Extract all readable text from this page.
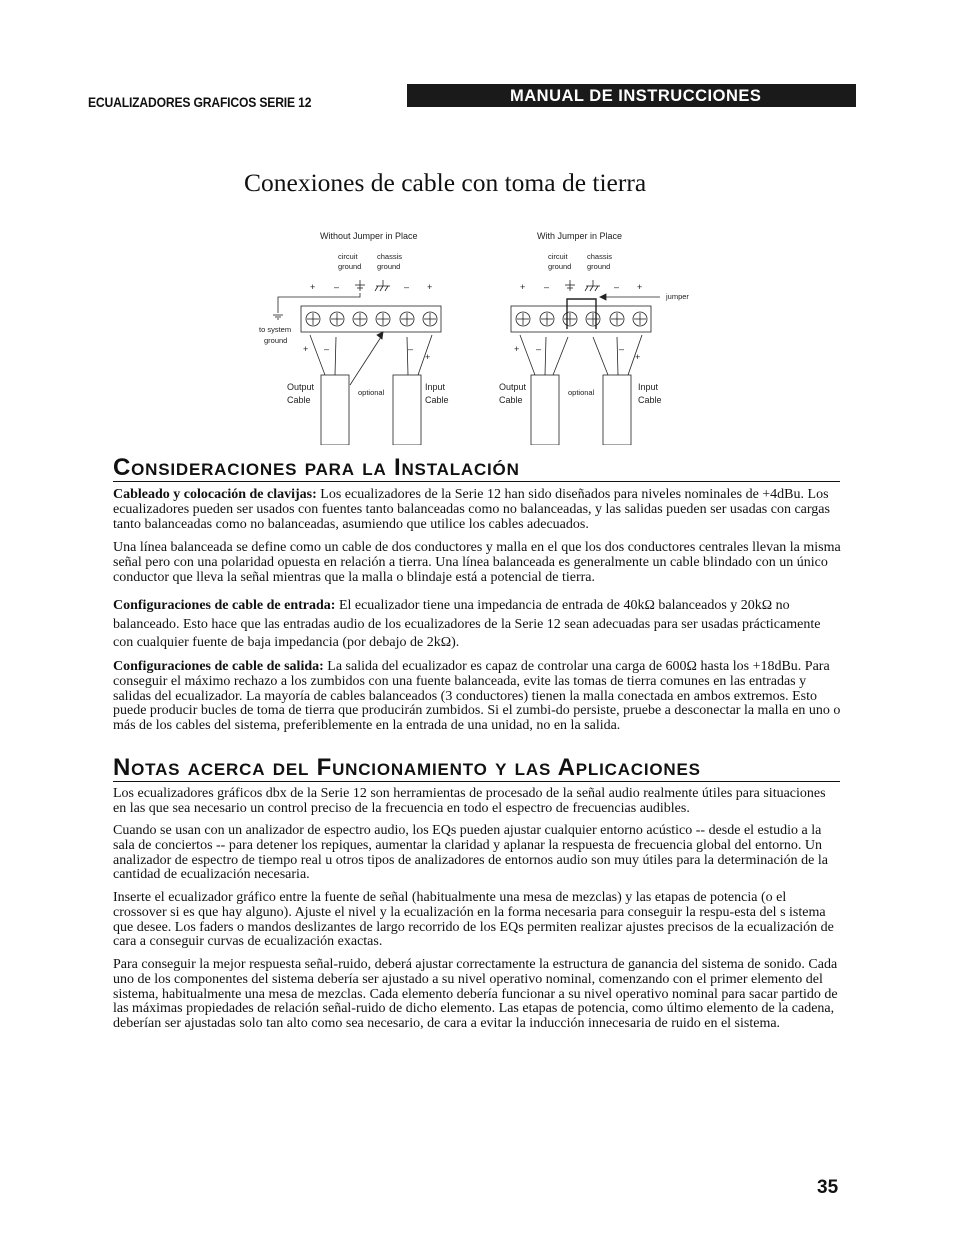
ECUALIZADORES GRAFICOS SERIE 12	MANUAL DE INSTRUCCIONES
Conexiones de cable con toma de tierra
Without Jumper in Place
circuit
ground
chassis
ground
+ –	– +
to system
ground
+ –	–
+
Output
Cable
optional
Input
Cable
With Jumper in Place
circuit
ground
chassis
ground
+ –	– +
jumper
+ –	–
+
Output
Cable
optional
Input
Cable
Consideraciones para la Instalación

Cableado y colocación de clavijas: Los ecualizadores de la Serie 12 han sido diseñados para niveles nominales de +4dBu. Los ecualizadores pueden ser usados con fuentes tanto balanceadas como no balanceadas, y las salidas pueden ser usadas con cargas tanto balanceadas como no balanceadas, asumiendo que utilice los cables adecuados.

Una línea balanceada se define como un cable de dos conductores y malla en el que los dos conductores centrales llevan la misma señal pero con una polaridad opuesta en relación a tierra. Una línea balanceada es generalmente un cable blindado con un único conductor que lleva la señal mientras que la malla o blindaje está a potencial de tierra.

Configuraciones de cable de entrada: El ecualizador tiene una impedancia de entrada de 40kΩ balanceados y 20kΩ no balanceado. Esto hace que las entradas audio de los ecualizadores de la Serie 12 sean adecuadas para ser usadas prácticamente con cualquier fuente de baja impedancia (por debajo de 2kΩ).

Configuraciones de cable de salida: La salida del ecualizador es capaz de controlar una carga de 600Ω hasta los +18dBu. Para conseguir el máximo rechazo a los zumbidos con una fuente balanceada, evite las tomas de tierra comunes en las entradas y salidas del ecualizador. La mayoría de cables balanceados (3 conductores) tienen la malla conectada en ambos extremos. Esto puede producir bucles de toma de tierra que producirán zumbidos. Si el zumbi-do persiste, pruebe a desconectar la malla en uno o más de los cables del sistema, preferiblemente en la entrada de una unidad, no en la salida.

Notas acerca del Funcionamiento y las Aplicaciones

Los ecualizadores gráficos dbx de la Serie 12 son herramientas de procesado de la señal audio realmente útiles para situaciones en las que sea necesario un control preciso de la frecuencia en todo el espectro de frecuencias audibles.

Cuando se usan con un analizador de espectro audio, los EQs pueden ajustar cualquier entorno acústico -- desde el estudio a la sala de conciertos -- para detener los repiques, aumentar la claridad y aplanar la respuesta de frecuencia global del entorno. Un analizador de espectro de tiempo real u otros tipos de analizadores de entornos audio son muy útiles para la determinación de la cantidad de ecualización necesaria.

Inserte el ecualizador gráfico entre la fuente de señal (habitualmente una mesa de mezclas) y las etapas de potencia (o el crossover si es que hay alguno). Ajuste el nivel y la ecualización en la forma necesaria para conseguir la respu-esta del s istema que desee. Los faders o mandos deslizantes de largo recorrido de los EQs permiten realizar ajustes precisos de la ecualización de cara a conseguir curvas de ecualización exactas.

Para conseguir la mejor respuesta señal-ruido, deberá ajustar correctamente la estructura de ganancia del sistema de sonido. Cada uno de los componentes del sistema debería ser ajustado a su nivel operativo nominal, comenzando con el primer elemento del sistema, habitualmente una mesa de mezclas. Cada elemento debería funcionar a su nivel operativo nominal para sacar partido de las máximas propiedades de relación señal-ruido de dicho elemento. Las etapas de potencia, como último elemento de la cadena, deberían ser ajustadas solo tan alto como sea necesario, de cara a evitar la inducción innecesaria de ruido en el sistema.

35
